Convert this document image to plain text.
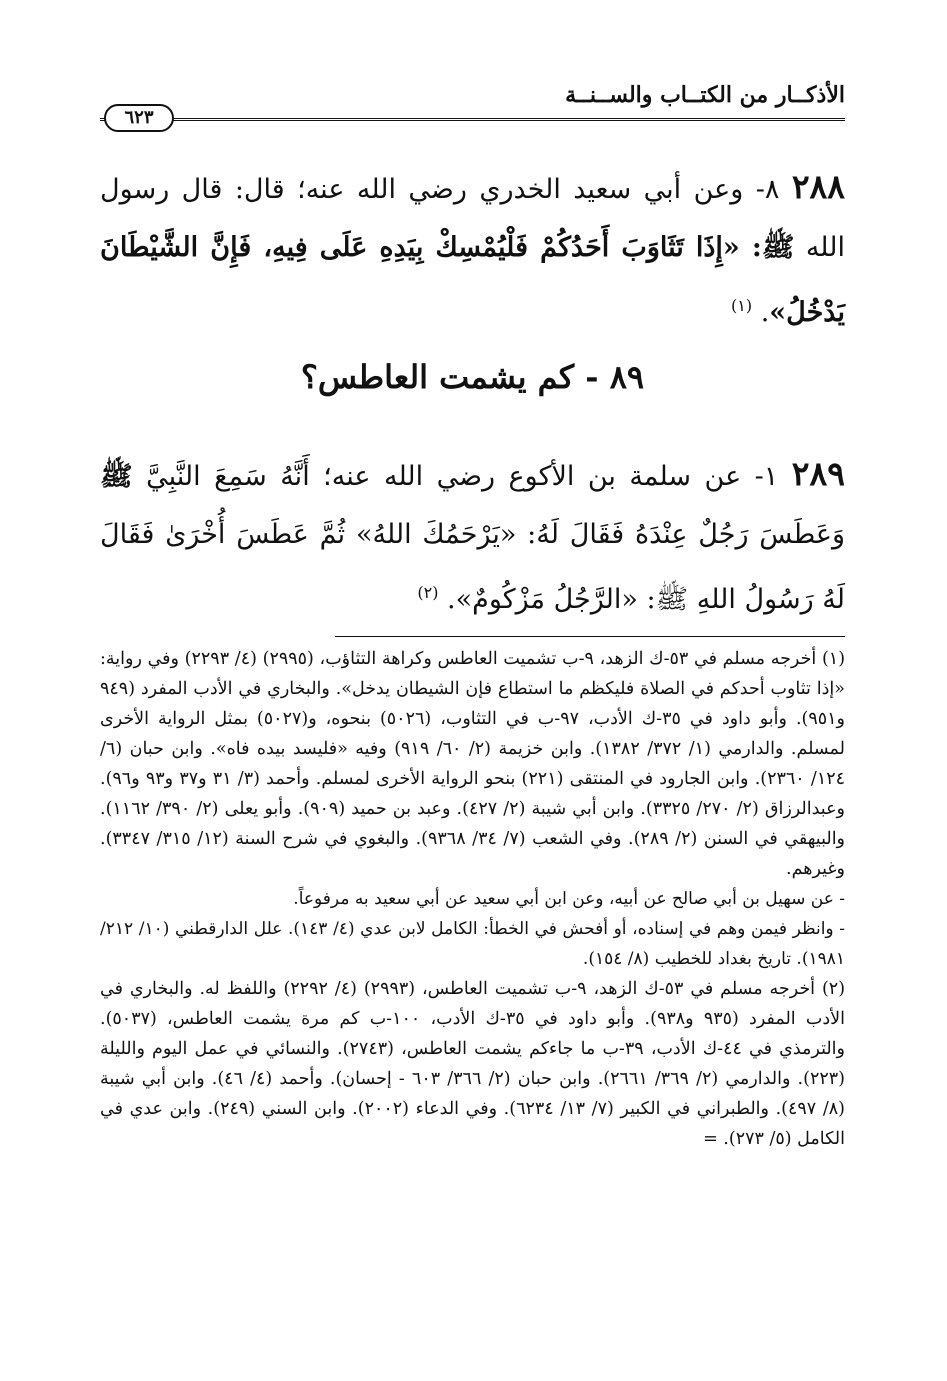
الأذكــار من الكتــاب والســنــة
٦٢٣
٢٨٨ ٨- وعن أبي سعيد الخدري رضي الله عنه؛ قال: قال رسول الله ﷺ: «إِذَا تَثَاوَبَ أَحَدُكُمْ فَلْيُمْسِكْ بِيَدِهِ عَلَى فِيهِ، فَإِنَّ الشَّيْطَانَ يَدْخُلُ». $^{(١)}$
٨٩ - كم يشمت العاطس؟
٢٨٩ ١- عن سلمة بن الأكوع رضي الله عنه؛ أَنَّهُ سَمِعَ النَّبِيَّ ﷺ وَعَطَسَ رَجُلٌ عِنْدَهُ فَقَالَ لَهُ: «يَرْحَمُكَ اللهُ» ثُمَّ عَطَسَ أُخْرَىٰ فَقَالَ لَهُ رَسُولُ اللهِ ﷺ: «الرَّجُلُ مَزْكُومٌ». $^{(٢)}$

(١) أخرجه مسلم في ٥٣-ك الزهد، ٩-ب تشميت العاطس وكراهة التثاؤب، (٢٩٩٥) (٤/ ٢٢٩٣) وفي رواية: «إذا تثاوب أحدكم في الصلاة فليكظم ما استطاع فإن الشيطان يدخل». والبخاري في الأدب المفرد (٩٤٩ و٩٥١). وأبو داود في ٣٥-ك الأدب، ٩٧-ب في التثاوب، (٥٠٢٦) بنحوه، و(٥٠٢٧) بمثل الرواية الأخرى لمسلم. والدارمي (١/ ٣٧٢/ ١٣٨٢). وابن خزيمة (٢/ ٦٠/ ٩١٩) وفيه «فليسد بيده فاه». وابن حبان (٦/ ١٢٤/ ٢٣٦٠). وابن الجارود في المنتقى (٢٢١) بنحو الرواية الأخرى لمسلم. وأحمد (٣/ ٣١ و٣٧ و٩٣ و٩٦). وعبدالرزاق (٢/ ٢٧٠/ ٣٣٢٥). وابن أبي شيبة (٢/ ٤٢٧). وعبد بن حميد (٩٠٩). وأبو يعلى (٢/ ٣٩٠/ ١١٦٢). والبيهقي في السنن (٢/ ٢٨٩). وفي الشعب (٧/ ٣٤/ ٩٣٦٨). والبغوي في شرح السنة (١٢/ ٣١٥/ ٣٣٤٧). وغيرهم.

- عن سهيل بن أبي صالح عن أبيه، وعن ابن أبي سعيد عن أبي سعيد به مرفوعاً.

- وانظر فيمن وهم في إسناده، أو أفحش في الخطأ: الكامل لابن عدي (٤/ ١٤٣). علل الدارقطني (١٠/ ٢١٢/ ١٩٨١). تاريخ بغداد للخطيب (٨/ ١٥٤).

(٢) أخرجه مسلم في ٥٣-ك الزهد، ٩-ب تشميت العاطس، (٢٩٩٣) (٤/ ٢٢٩٢) واللفظ له. والبخاري في الأدب المفرد (٩٣٥ و٩٣٨). وأبو داود في ٣٥-ك الأدب، ١٠٠-ب كم مرة يشمت العاطس، (٥٠٣٧). والترمذي في ٤٤-ك الأدب، ٣٩-ب ما جاءكم يشمت العاطس، (٢٧٤٣). والنسائي في عمل اليوم والليلة (٢٢٣). والدارمي (٢/ ٣٦٩/ ٢٦٦١). وابن حبان (٢/ ٣٦٦/ ٦٠٣ - إحسان). وأحمد (٤/ ٤٦). وابن أبي شيبة (٨/ ٤٩٧). والطبراني في الكبير (٧/ ١٣/ ٦٢٣٤). وفي الدعاء (٢٠٠٢). وابن السني (٢٤٩). وابن عدي في الكامل (٥/ ٢٧٣). =
